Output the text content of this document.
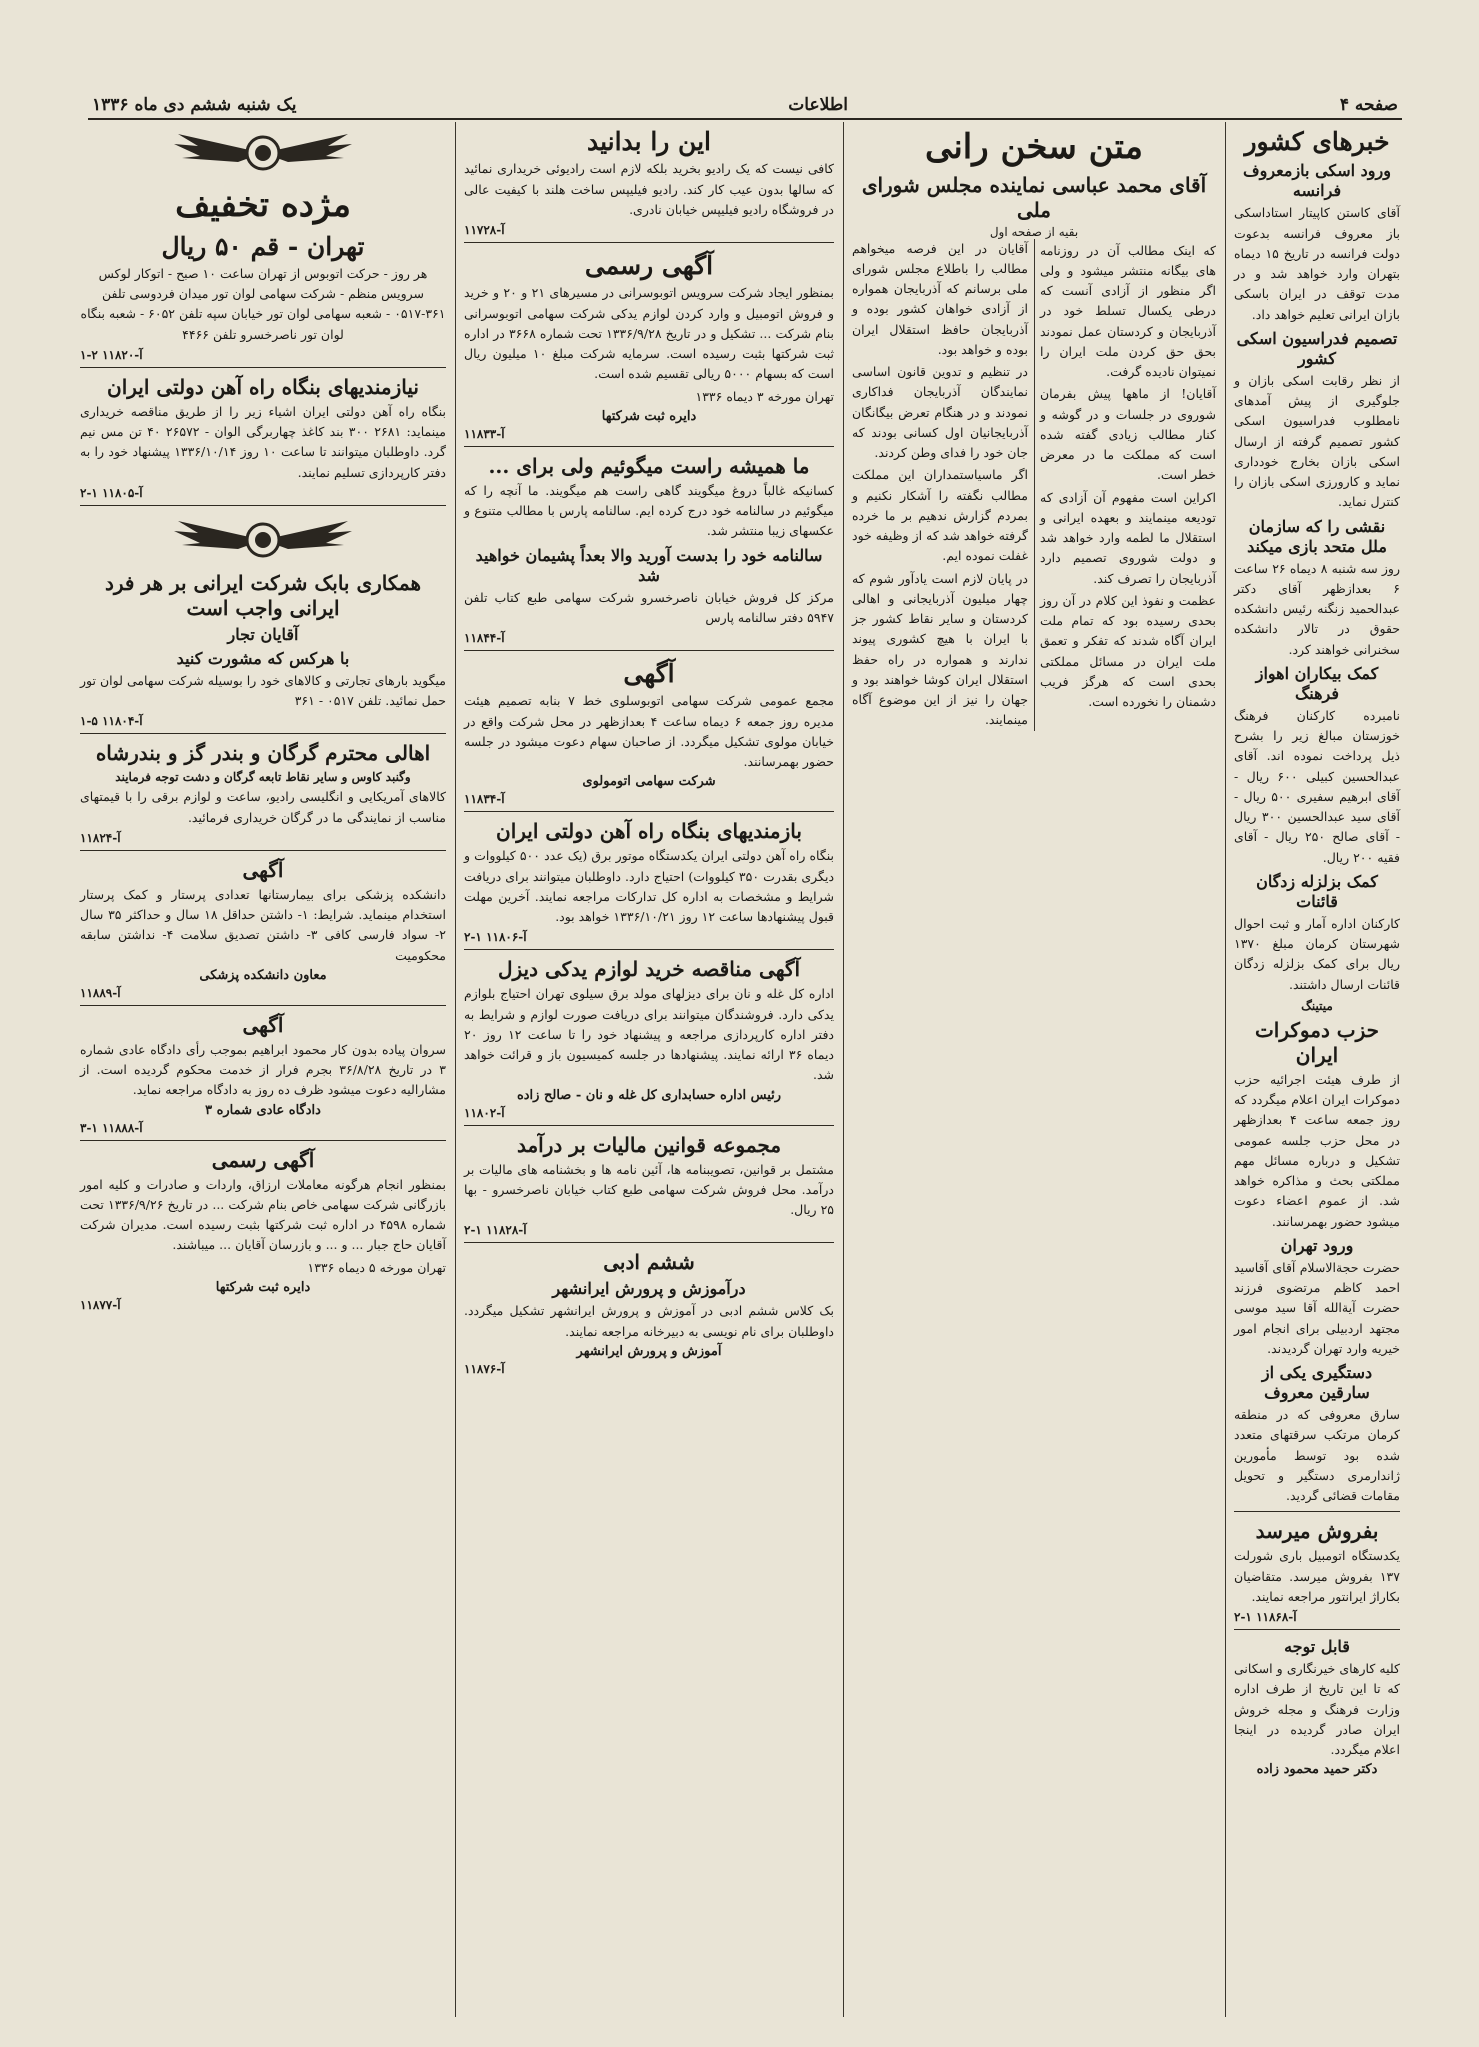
صفحه ۴
اطلاعات
یک شنبه ششم دی ماه ۱۳۳۶
خبرهای کشور
ورود اسکی بازمعروف فرانسه
آقای کاستن کاپیتار استاداسکی باز معروف فرانسه بدعوت دولت فرانسه در تاریخ ۱۵ دیماه بتهران وارد خواهد شد و در مدت توقف در ایران باسکی بازان ایرانی تعلیم خواهد داد.
تصمیم فدراسیون اسکی کشور
از نظر رقابت اسکی بازان و جلوگیری از پیش آمدهای نامطلوب فدراسیون اسکی کشور تصمیم گرفته از ارسال اسکی بازان بخارج خودداری نماید و کارورزی اسکی بازان را کنترل نماید.
نقشی را که سازمان ملل متحد بازی میکند
روز سه شنبه ۸ دیماه ۲۶ ساعت ۶ بعدازظهر آقای دکتر عبدالحمید زنگنه رئیس دانشکده حقوق در تالار دانشکده سخنرانی خواهند کرد.
کمک بیکاران اهواز فرهنگ
نامبرده کارکنان فرهنگ خوزستان مبالغ زیر را بشرح ذیل پرداخت نموده اند. آقای عبدالحسین کبیلی ۶۰۰ ریال - آقای ابرهیم سفیری ۵۰۰ ریال - آقای سید عبدالحسین ۳۰۰ ریال - آقای صالح ۲۵۰ ریال - آقای فقیه ۲۰۰ ریال.
کمک بزلزله زدگان قائنات
کارکنان اداره آمار و ثبت احوال شهرستان کرمان مبلغ ۱۳۷۰ ریال برای کمک بزلزله زدگان قائنات ارسال داشتند.
میتینگ
حزب دموکرات ایران
از طرف هیئت اجرائیه حزب دموکرات ایران اعلام میگردد که روز جمعه ساعت ۴ بعدازظهر در محل حزب جلسه عمومی تشکیل و درباره مسائل مهم مملکتی بحث و مذاکره خواهد شد. از عموم اعضاء دعوت میشود حضور بهمرسانند.
ورود تهران
حضرت حجةالاسلام آقای آقاسید احمد کاظم مرتضوی فرزند حضرت آیةالله آقا سید موسی مجتهد اردبیلی برای انجام امور خیریه وارد تهران گردیدند.
دستگیری یکی از سارقین معروف
سارق معروفی که در منطقه کرمان مرتکب سرقتهای متعدد شده بود توسط مأمورین ژاندارمری دستگیر و تحویل مقامات قضائی گردید.
بفروش میرسد
یکدستگاه اتومبیل باری شورلت ۱۳۷ بفروش میرسد. متقاضیان بکاراژ ایرانتور مراجعه نمایند.
۲-۱ آ-۱۱۸۶۸
قابل توجه
کلیه کارهای خیرنگاری و اسکانی که تا این تاریخ از طرف اداره وزارت فرهنگ و مجله خروش ایران صادر گردیده در اینجا اعلام میگردد.
دکتر حمید محمود زاده
متن سخن رانی
آقای محمد عباسی نماینده مجلس شورای ملی
بقیه از صفحه اول
که اینک مطالب آن در روزنامه های بیگانه منتشر میشود و ولی اگر منظور از آزادی آنست که درطی یکسال تسلط خود در آذربایجان و کردستان عمل نمودند بحق حق کردن ملت ایران را نمیتوان نادیده گرفت.
آقایان! از ماهها پیش بفرمان شوروی در جلسات و در گوشه و کنار مطالب زیادی گفته شده است که مملکت ما در معرض خطر است.
اکراین است مفهوم آن آزادی که تودیعه مینمایند و بعهده ایرانی و استقلال ما لطمه وارد خواهد شد و دولت شوروی تصمیم دارد آذربایجان را تصرف کند.
عظمت و نفوذ این کلام در آن روز بحدی رسیده بود که تمام ملت ایران آگاه شدند که تفکر و تعمق ملت ایران در مسائل مملکتی بحدی است که هرگز فریب دشمنان را نخورده است.
آقایان در این فرصه میخواهم مطالب را باطلاع مجلس شورای ملی برسانم که آذربایجان همواره از آزادی خواهان کشور بوده و آذربایجان حافظ استقلال ایران بوده و خواهد بود.
در تنظیم و تدوین قانون اساسی نمایندگان آذربایجان فداکاری نمودند و در هنگام تعرض بیگانگان آذربایجانیان اول کسانی بودند که جان خود را فدای وطن کردند.
اگر ماسیاستمداران این مملکت مطالب نگفته را آشکار نکنیم و بمردم گزارش ندهیم بر ما خرده گرفته خواهد شد که از وظیفه خود غفلت نموده ایم.
در پایان لازم است یادآور شوم که چهار میلیون آذربایجانی و اهالی کردستان و سایر نقاط کشور جز با ایران با هیچ کشوری پیوند ندارند و همواره در راه حفظ استقلال ایران کوشا خواهند بود و جهان را نیز از این موضوع آگاه مینمایند.
این را بدانید
کافی نیست که یک رادیو بخرید بلکه لازم است رادیوئی خریداری نمائید که سالها بدون عیب کار کند. رادیو فیلیپس ساخت هلند با کیفیت عالی در فروشگاه رادیو فیلیپس خیابان نادری.
آ-۱۱۷۲۸
آگهی رسمی
بمنظور ایجاد شرکت سرویس اتوبوسرانی در مسیرهای ۲۱ و ۲۰ و خرید و فروش اتومبیل و وارد کردن لوازم یدکی شرکت سهامی اتوبوسرانی بنام شرکت ... تشکیل و در تاریخ ۱۳۳۶/۹/۲۸ تحت شماره ۳۶۶۸ در اداره ثبت شرکتها بثبت رسیده است. سرمایه شرکت مبلغ ۱۰ میلیون ریال است که بسهام ۵۰۰۰ ریالی تقسیم شده است.
تهران مورخه ۳ دیماه ۱۳۳۶
دایره ثبت شرکتها
آ-۱۱۸۳۳
ما همیشه راست میگوئیم ولی برای ...
کسانیکه غالباً دروغ میگویند گاهی راست هم میگویند. ما آنچه را که میگوئیم در سالنامه خود درج کرده ایم. سالنامه پارس با مطالب متنوع و عکسهای زیبا منتشر شد.
سالنامه خود را بدست آورید والا بعداً پشیمان خواهید شد
مرکز کل فروش خیابان ناصرخسرو شرکت سهامی طبع کتاب تلفن ۵۹۴۷ دفتر سالنامه پارس
آ-۱۱۸۴۴
آگهی
مجمع عمومی شرکت سهامی اتوبوسلوی خط ۷ بنابه تصمیم هیئت مدیره روز جمعه ۶ دیماه ساعت ۴ بعدازظهر در محل شرکت واقع در خیابان مولوی تشکیل میگردد. از صاحبان سهام دعوت میشود در جلسه حضور بهمرسانند.
شرکت سهامی اتومولوی
آ-۱۱۸۳۴
بازمندیهای بنگاه راه آهن دولتی ایران
بنگاه راه آهن دولتی ایران یکدستگاه موتور برق (یک عدد ۵۰۰ کیلووات و دیگری بقدرت ۳۵۰ کیلووات) احتیاج دارد. داوطلبان میتوانند برای دریافت شرایط و مشخصات به اداره کل تدارکات مراجعه نمایند. آخرین مهلت قبول پیشنهادها ساعت ۱۲ روز ۱۳۳۶/۱۰/۲۱ خواهد بود.
۲-۱ آ-۱۱۸۰۶
آگهی مناقصه خرید لوازم یدکی دیزل
اداره کل غله و نان برای دیزلهای مولد برق سیلوی تهران احتیاج بلوازم یدکی دارد. فروشندگان میتوانند برای دریافت صورت لوازم و شرایط به دفتر اداره کارپردازی مراجعه و پیشنهاد خود را تا ساعت ۱۲ روز ۲۰ دیماه ۳۶ ارائه نمایند. پیشنهادها در جلسه کمیسیون باز و قرائت خواهد شد.
رئیس اداره حسابداری کل غله و نان - صالح زاده
آ-۱۱۸۰۲
مجموعه قوانین مالیات بر درآمد
مشتمل بر قوانین، تصویبنامه ها، آئین نامه ها و بخشنامه های مالیات بر درآمد. محل فروش شرکت سهامی طبع کتاب خیابان ناصرخسرو - بها ۲۵ ریال.
۲-۱ آ-۱۱۸۲۸
ششم ادبی
درآموزش و پرورش ایرانشهر
بک کلاس ششم ادبی در آموزش و پرورش ایرانشهر تشکیل میگردد. داوطلبان برای نام نویسی به دبیرخانه مراجعه نمایند.
آموزش و پرورش ایرانشهر
آ-۱۱۸۷۶
مژده تخفیف
تهران - قم ۵۰ ریال
هر روز - حرکت اتوبوس از تهران ساعت ۱۰ صبح - اتوکار لوکس سرویس منظم - شرکت سهامی لوان تور میدان فردوسی تلفن ۳۶۱-۰۵۱۷ - شعبه سهامی لوان تور خیابان سپه تلفن ۶۰۵۲ - شعبه بنگاه لوان تور ناصرخسرو تلفن ۴۴۶۶
۱-۲ آ-۱۱۸۲۰
نیازمندیهای بنگاه راه آهن دولتی ایران
بنگاه راه آهن دولتی ایران اشیاء زیر را از طریق مناقصه خریداری مینماید: ۲۶۸۱ ۳۰۰ بند کاغذ چهاربرگی الوان - ۲۶۵۷۲ ۴۰ تن مس نیم گرد. داوطلبان میتوانند تا ساعت ۱۰ روز ۱۳۳۶/۱۰/۱۴ پیشنهاد خود را به دفتر کارپردازی تسلیم نمایند.
۲-۱ آ-۱۱۸۰۵
همکاری بابک شرکت ایرانی بر هر فرد ایرانی واجب است
آقایان تجار
با هرکس که مشورت کنید
میگوید بارهای تجارتی و کالاهای خود را بوسیله شرکت سهامی لوان تور حمل نمائید. تلفن ۰۵۱۷ - ۳۶۱
۱-۵ آ-۱۱۸۰۴
اهالی محترم گرگان و بندر گز و بندرشاه
وگنبد کاوس و سایر نقاط تابعه گرگان و دشت توجه فرمایند
کالاهای آمریکایی و انگلیسی رادیو، ساعت و لوازم برقی را با قیمتهای مناسب از نمایندگی ما در گرگان خریداری فرمائید.
آ-۱۱۸۲۴
آگهی
دانشکده پزشکی برای بیمارستانها تعدادی پرستار و کمک پرستار استخدام مینماید. شرایط: ۱- داشتن حداقل ۱۸ سال و حداکثر ۳۵ سال ۲- سواد فارسی کافی ۳- داشتن تصدیق سلامت ۴- نداشتن سابقه محکومیت
معاون دانشکده پزشکی
آ-۱۱۸۸۹
آگهی
سروان پیاده بدون کار محمود ابراهیم بموجب رأی دادگاه عادی شماره ۳ در تاریخ ۳۶/۸/۲۸ بجرم فرار از خدمت محکوم گردیده است. از مشارالیه دعوت میشود ظرف ده روز به دادگاه مراجعه نماید.
دادگاه عادی شماره ۳
۳-۱ آ-۱۱۸۸۸
آگهی رسمی
بمنظور انجام هرگونه معاملات ارزاق، واردات و صادرات و کلیه امور بازرگانی شرکت سهامی خاص بنام شرکت ... در تاریخ ۱۳۳۶/۹/۲۶ تحت شماره ۴۵۹۸ در اداره ثبت شرکتها بثبت رسیده است. مدیران شرکت آقایان حاج جبار ... و ... و بازرسان آقایان ... میباشند.
تهران مورخه ۵ دیماه ۱۳۳۶
دایره ثبت شرکتها
آ-۱۱۸۷۷
